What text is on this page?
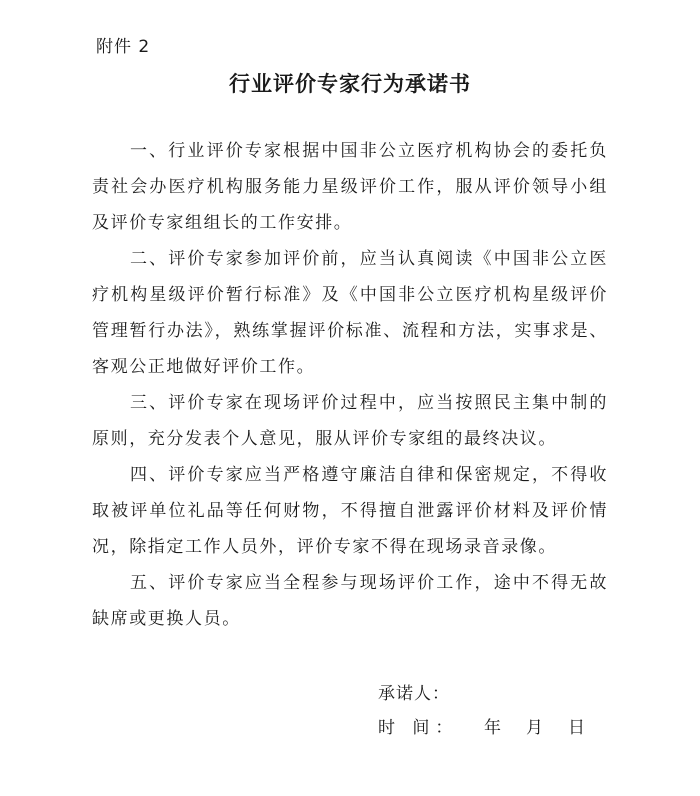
附件 2
行业评价专家行为承诺书

一、行业评价专家根据中国非公立医疗机构协会的委托负责社会办医疗机构服务能力星级评价工作，服从评价领导小组及评价专家组组长的工作安排。

二、评价专家参加评价前，应当认真阅读《中国非公立医疗机构星级评价暂行标准》及《中国非公立医疗机构星级评价管理暂行办法》，熟练掌握评价标准、流程和方法，实事求是、客观公正地做好评价工作。

三、评价专家在现场评价过程中，应当按照民主集中制的原则，充分发表个人意见，服从评价专家组的最终决议。

四、评价专家应当严格遵守廉洁自律和保密规定，不得收取被评单位礼品等任何财物，不得擅自泄露评价材料及评价情况，除指定工作人员外，评价专家不得在现场录音录像。

五、评价专家应当全程参与现场评价工作，途中不得无故缺席或更换人员。

承诺人：
时 间：	年 月 日
